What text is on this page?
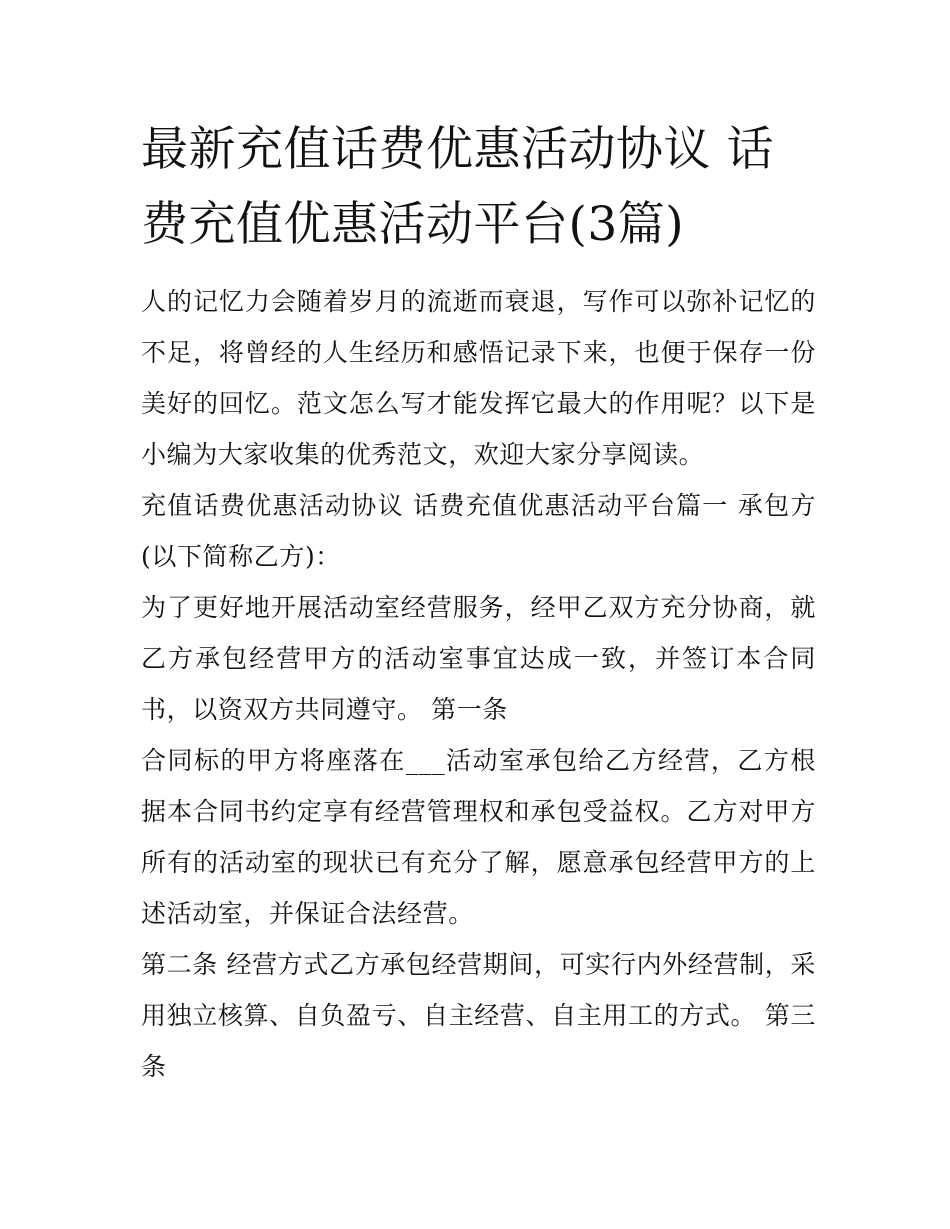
最新充值话费优惠活动协议 话费充值优惠活动平台(3篇)

人的记忆力会随着岁月的流逝而衰退，写作可以弥补记忆的不足，将曾经的人生经历和感悟记录下来，也便于保存一份美好的回忆。范文怎么写才能发挥它最大的作用呢？以下是小编为大家收集的优秀范文，欢迎大家分享阅读。

充值话费优惠活动协议 话费充值优惠活动平台篇一 承包方(以下简称乙方)：

为了更好地开展活动室经营服务，经甲乙双方充分协商，就乙方承包经营甲方的活动室事宜达成一致，并签订本合同书，以资双方共同遵守。 第一条

合同标的甲方将座落在___活动室承包给乙方经营，乙方根据本合同书约定享有经营管理权和承包受益权。乙方对甲方所有的活动室的现状已有充分了解，愿意承包经营甲方的上述活动室，并保证合法经营。

第二条 经营方式乙方承包经营期间，可实行内外经营制，采用独立核算、自负盈亏、自主经营、自主用工的方式。 第三条
